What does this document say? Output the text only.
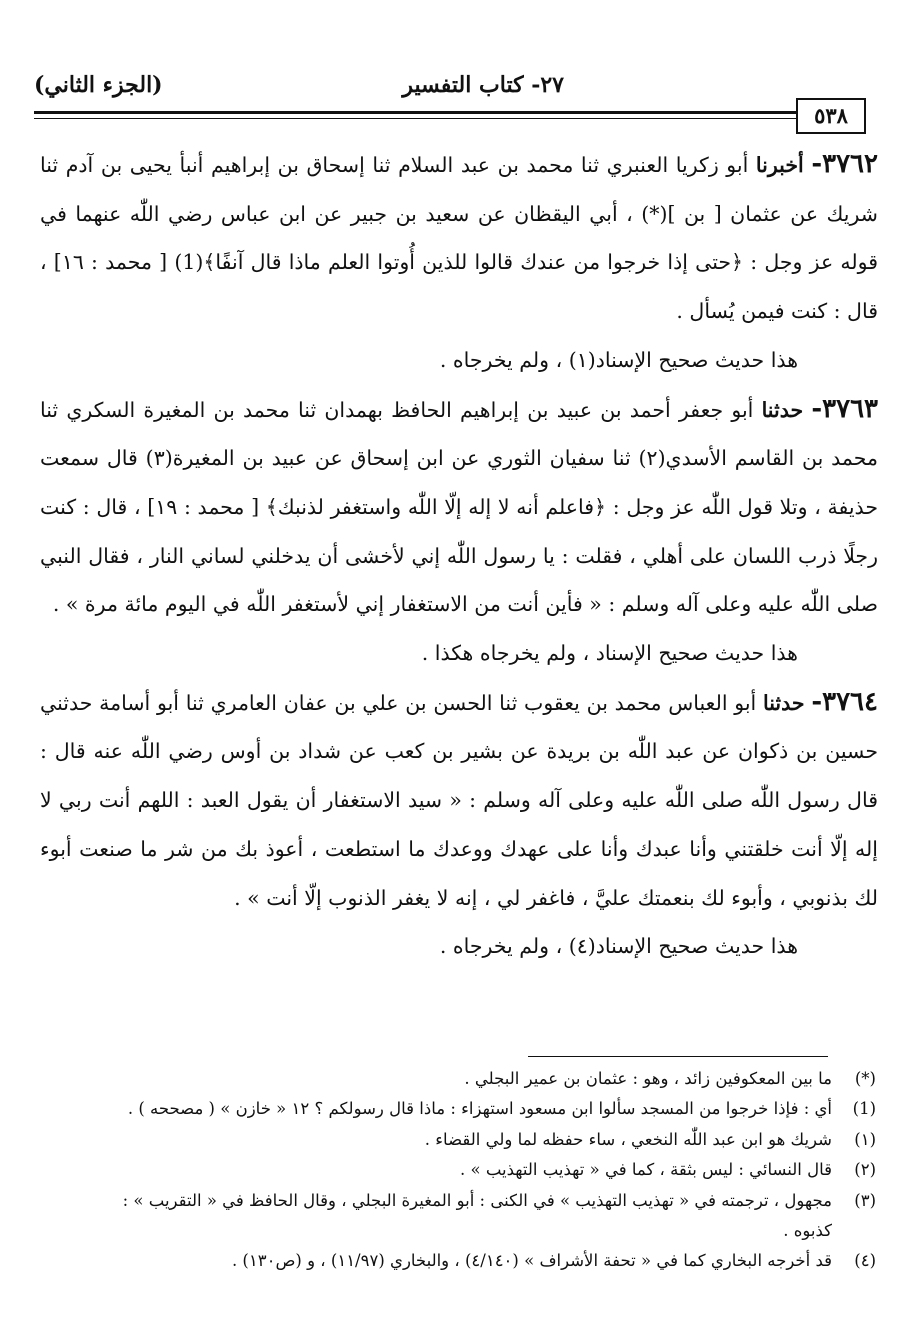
٢٧- كتاب التفسير
(الجزء الثاني)
٥٣٨

٣٧٦٢- أخبرنا أبو زكريا العنبري ثنا محمد بن عبد السلام ثنا إسحاق بن إبراهيم أنبأ يحيى بن آدم ثنا شريك عن عثمان [ بن ](*) ، أبي اليقظان عن سعيد بن جبير عن ابن عباس رضي اللّٰه عنهما في قوله عز وجل : ﴿حتى إذا خرجوا من عندك قالوا للذين أُوتوا العلم ماذا قال آنفًا﴾(1) [ محمد : ١٦] ، قال : كنت فيمن يُسأل .

هذا حديث صحيح الإسناد(١) ، ولم يخرجاه .

٣٧٦٣- حدثنا أبو جعفر أحمد بن عبيد بن إبراهيم الحافظ بهمدان ثنا محمد بن المغيرة السكري ثنا محمد بن القاسم الأسدي(٢) ثنا سفيان الثوري عن ابن إسحاق عن عبيد بن المغيرة(٣) قال سمعت حذيفة ، وتلا قول اللّٰه عز وجل : ﴿فاعلم أنه لا إله إلّا اللّٰه واستغفر لذنبك﴾ [ محمد : ١٩] ، قال : كنت رجلًا ذرب اللسان على أهلي ، فقلت : يا رسول اللّٰه إني لأخشى أن يدخلني لساني النار ، فقال النبي صلى اللّٰه عليه وعلى آله وسلم : « فأين أنت من الاستغفار إني لأستغفر اللّٰه في اليوم مائة مرة » .

هذا حديث صحيح الإسناد ، ولم يخرجاه هكذا .

٣٧٦٤- حدثنا أبو العباس محمد بن يعقوب ثنا الحسن بن علي بن عفان العامري ثنا أبو أسامة حدثني حسين بن ذكوان عن عبد اللّٰه بن بريدة عن بشير بن كعب عن شداد بن أوس رضي اللّٰه عنه قال : قال رسول اللّٰه صلى اللّٰه عليه وعلى آله وسلم : « سيد الاستغفار أن يقول العبد : اللهم أنت ربي لا إله إلّا أنت خلقتني وأنا عبدك وأنا على عهدك ووعدك ما استطعت ، أعوذ بك من شر ما صنعت أبوء لك بذنوبي ، وأبوء لك بنعمتك عليَّ ، فاغفر لي ، إنه لا يغفر الذنوب إلّا أنت » .

هذا حديث صحيح الإسناد(٤) ، ولم يخرجاه .

(*)
ما بين المعكوفين زائد ، وهو : عثمان بن عمير البجلي .
(1)
أي : فإذا خرجوا من المسجد سألوا ابن مسعود استهزاء : ماذا قال رسولكم ؟ ١٢ « خازن » ( مصححه ) .
(١)
شريك هو ابن عبد اللّٰه النخعي ، ساء حفظه لما ولي القضاء .
(٢)
قال النسائي : ليس بثقة ، كما في « تهذيب التهذيب » .
(٣)
مجهول ، ترجمته في « تهذيب التهذيب » في الكنى : أبو المغيرة البجلي ، وقال الحافظ في « التقريب » :
كذبوه .
(٤)
قد أخرجه البخاري كما في « تحفة الأشراف » (٤/١٤٠) ، والبخاري (١١/٩٧) ، و (ص١٣٠) .
